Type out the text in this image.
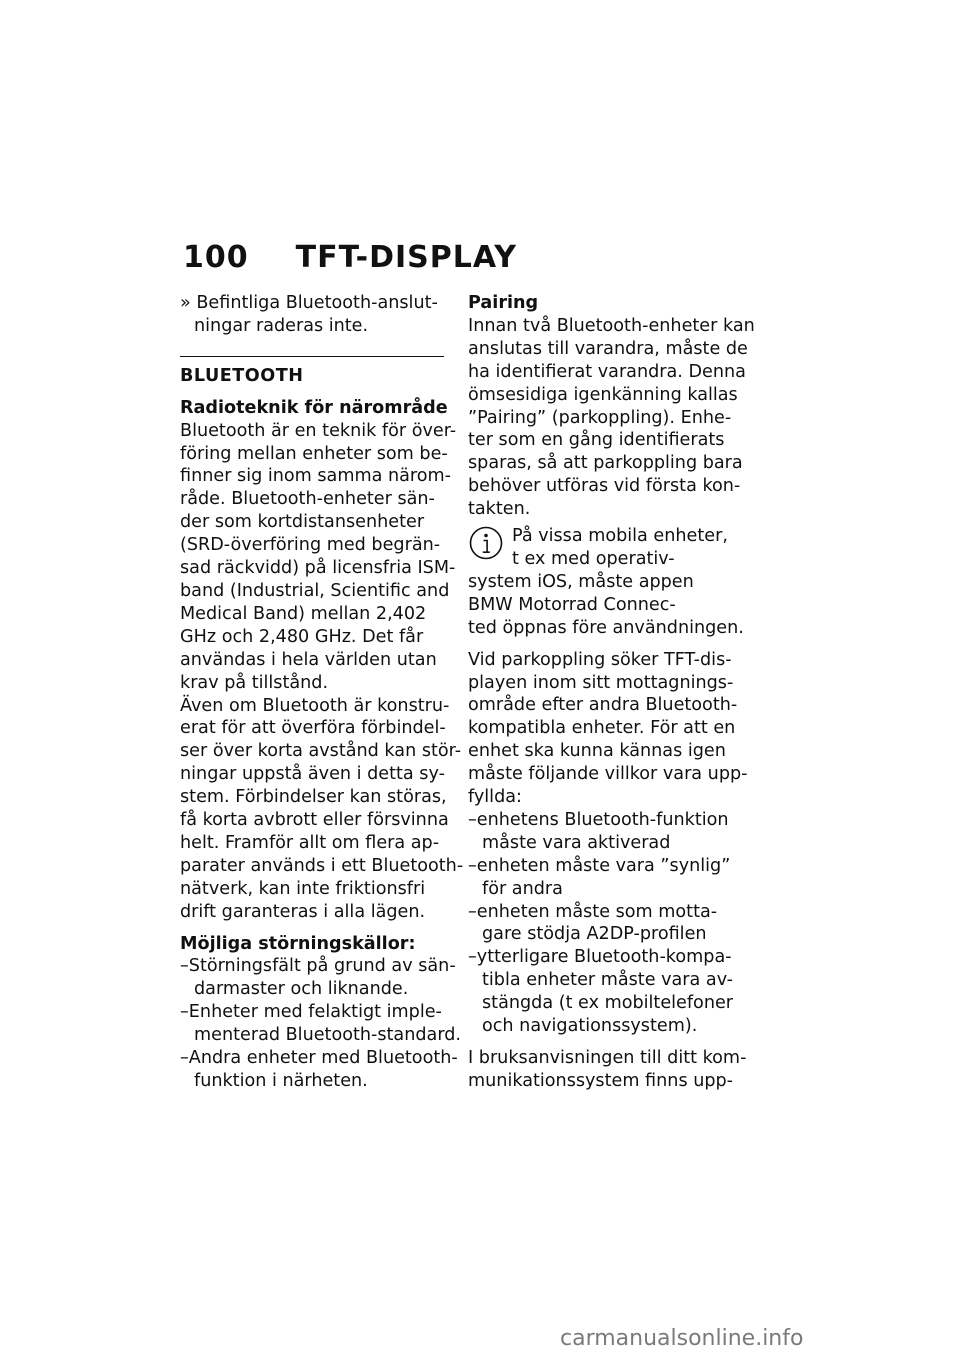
100 TFT-DISPLAY
» Befintliga Bluetooth-anslut-
ningar raderas inte.
BLUETOOTH
Radioteknik för närområde
Bluetooth är en teknik för över-
föring mellan enheter som be-
finner sig inom samma närom-
råde. Bluetooth-enheter sän-
der som kortdistansenheter
(SRD-överföring med begrän-
sad räckvidd) på licensfria ISM-
band (Industrial, Scientific and
Medical Band) mellan 2,402
GHz och 2,480 GHz. Det får
användas i hela världen utan
krav på tillstånd.
Även om Bluetooth är konstru-
erat för att överföra förbindel-
ser över korta avstånd kan stör-
ningar uppstå även i detta sy-
stem. Förbindelser kan störas,
få korta avbrott eller försvinna
helt. Framför allt om flera ap-
parater används i ett Bluetooth-
nätverk, kan inte friktionsfri
drift garanteras i alla lägen.
Möjliga störningskällor:
–Störningsfält på grund av sän-
darmaster och liknande.
–Enheter med felaktigt imple-
menterad Bluetooth-standard.
–Andra enheter med Bluetooth-
funktion i närheten.
Pairing
Innan två Bluetooth-enheter kan
anslutas till varandra, måste de
ha identifierat varandra. Denna
ömsesidiga igenkänning kallas
”Pairing” (parkoppling). Enhe-
ter som en gång identifierats
sparas, så att parkoppling bara
behöver utföras vid första kon-
takten.
På vissa mobila enheter,
t ex med operativ-
system iOS, måste appen
BMW Motorrad Connec-
ted öppnas före användningen.
Vid parkoppling söker TFT-dis-
playen inom sitt mottagnings-
område efter andra Bluetooth-
kompatibla enheter. För att en
enhet ska kunna kännas igen
måste följande villkor vara upp-
fyllda:
–enhetens Bluetooth-funktion
måste vara aktiverad
–enheten måste vara ”synlig”
för andra
–enheten måste som motta-
gare stödja A2DP-profilen
–ytterligare Bluetooth-kompa-
tibla enheter måste vara av-
stängda (t ex mobiltelefoner
och navigationssystem).
I bruksanvisningen till ditt kom-
munikationssystem finns upp-
carmanualsonline.info
